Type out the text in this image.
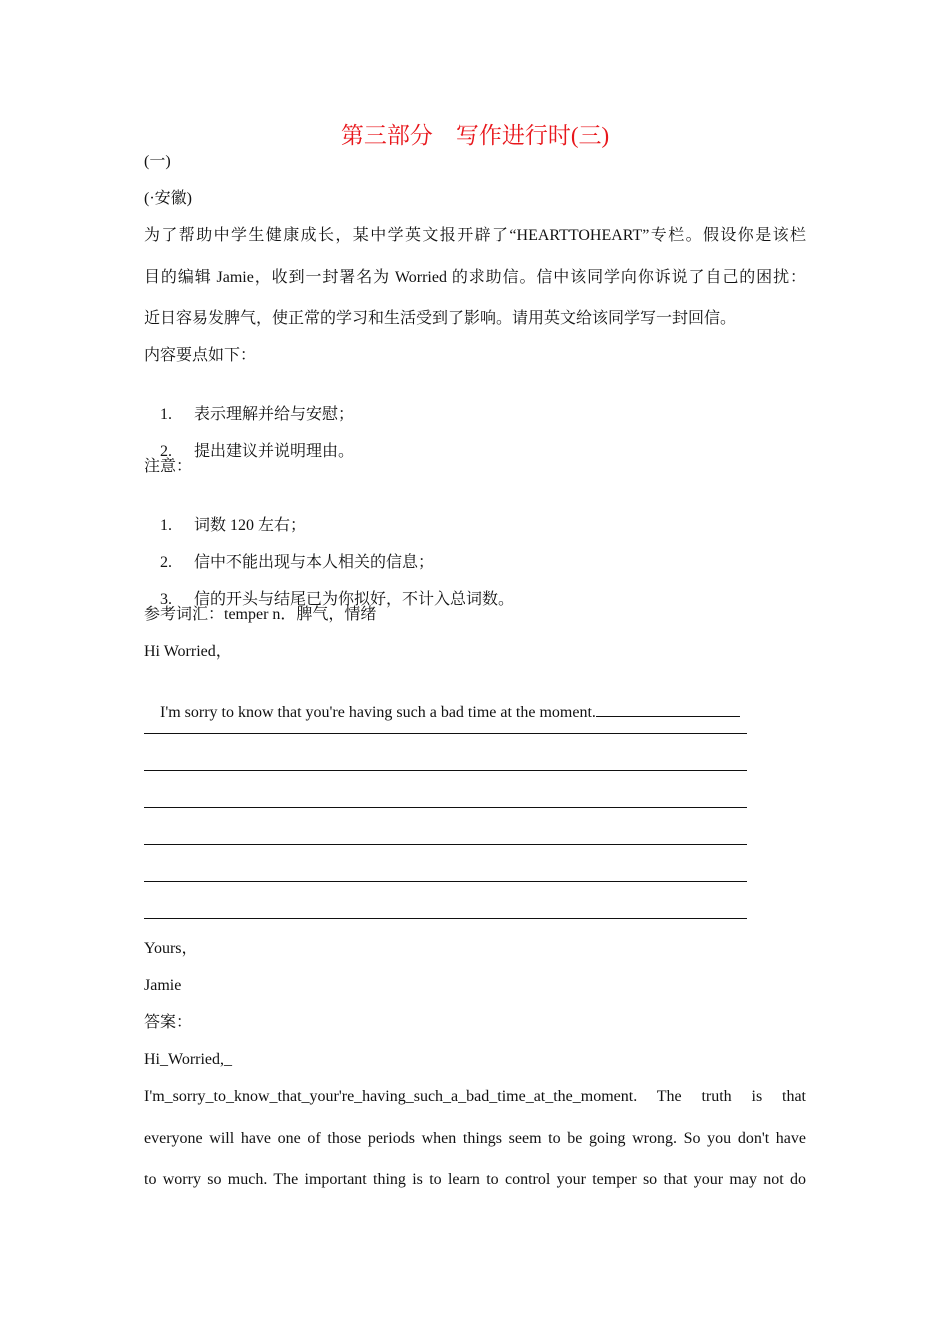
第三部分　写作进行时(三)
(一)
(·安徽)
为了帮助中学生健康成长，某中学英文报开辟了“HEARTTOHEART”专栏。假设你是该栏
目的编辑 Jamie，收到一封署名为 Worried 的求助信。信中该同学向你诉说了自己的困扰：
近日容易发脾气，使正常的学习和生活受到了影响。请用英文给该同学写一封回信。
内容要点如下：

1. 表示理解并给与安慰；

2. 提出建议并说明理由。

注意：

1. 词数 120 左右；

2. 信中不能出现与本人相关的信息；

3. 信的开头与结尾已为你拟好，不计入总词数。

参考词汇：temper n．脾气，情绪
Hi Worried，

I'm sorry to know that you're having such a bad time at the moment.

Yours，
Jamie
答案：
Hi_Worried,_
I'm_sorry_to_know_that_your're_having_such_a_bad_time_at_the_moment. The truth is that
everyone will have one of those periods when things seem to be going wrong. So you don't have
to worry so much. The important thing is to learn to control your temper so that your may not do
